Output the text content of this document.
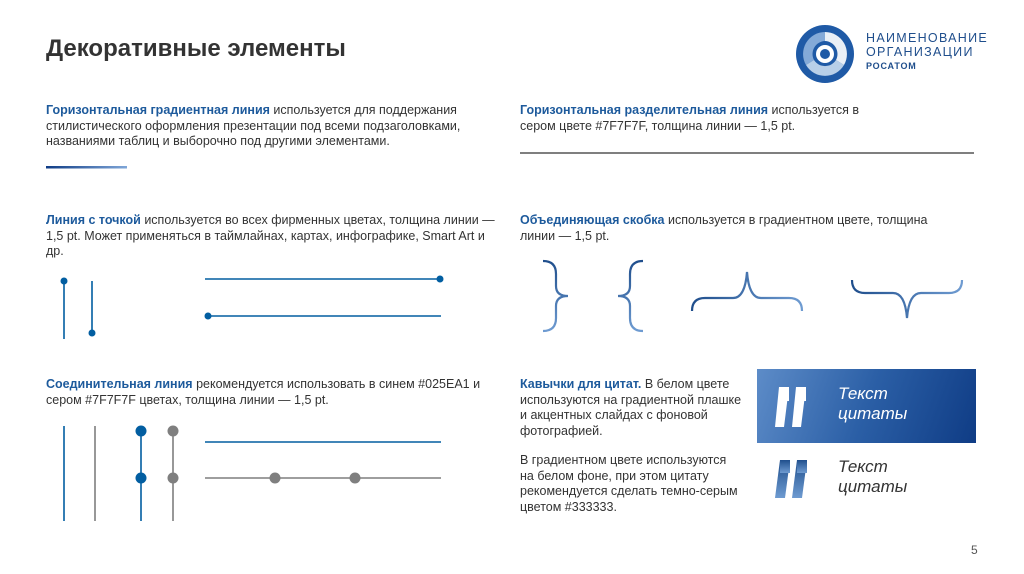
Декоративные элементы	НАИМЕНОВАНИЕ
ОРГАНИЗАЦИИ
РОСАТОМ
Горизонтальная градиентная линия используется для поддержания стилистического оформления презентации под всеми подзаголовками, названиями таблиц и выборочно под другими элементами.
Горизонтальная разделительная линия используется в сером цвете #7F7F7F, толщина линии — 1,5 pt.
Линия с точкой используется во всех фирменных цветах, толщина линии — 1,5 pt. Может применяться в таймлайнах, картах, инфографике, Smart Art и др.
Объединяющая скобка используется в градиентном цвете, толщина линии — 1,5 pt.
Соединительная линия рекомендуется использовать в синем #025EA1 и сером #7F7F7F цветах, толщина линии — 1,5 pt.
Кавычки для цитат. В белом цвете используются на градиентной плашке и акцентных слайдах с фоновой фотографией.
В градиентном цвете используются на белом фоне, при этом цитату рекомендуется сделать темно-серым цветом #333333.
Текст
цитаты
Текст
цитаты
5
